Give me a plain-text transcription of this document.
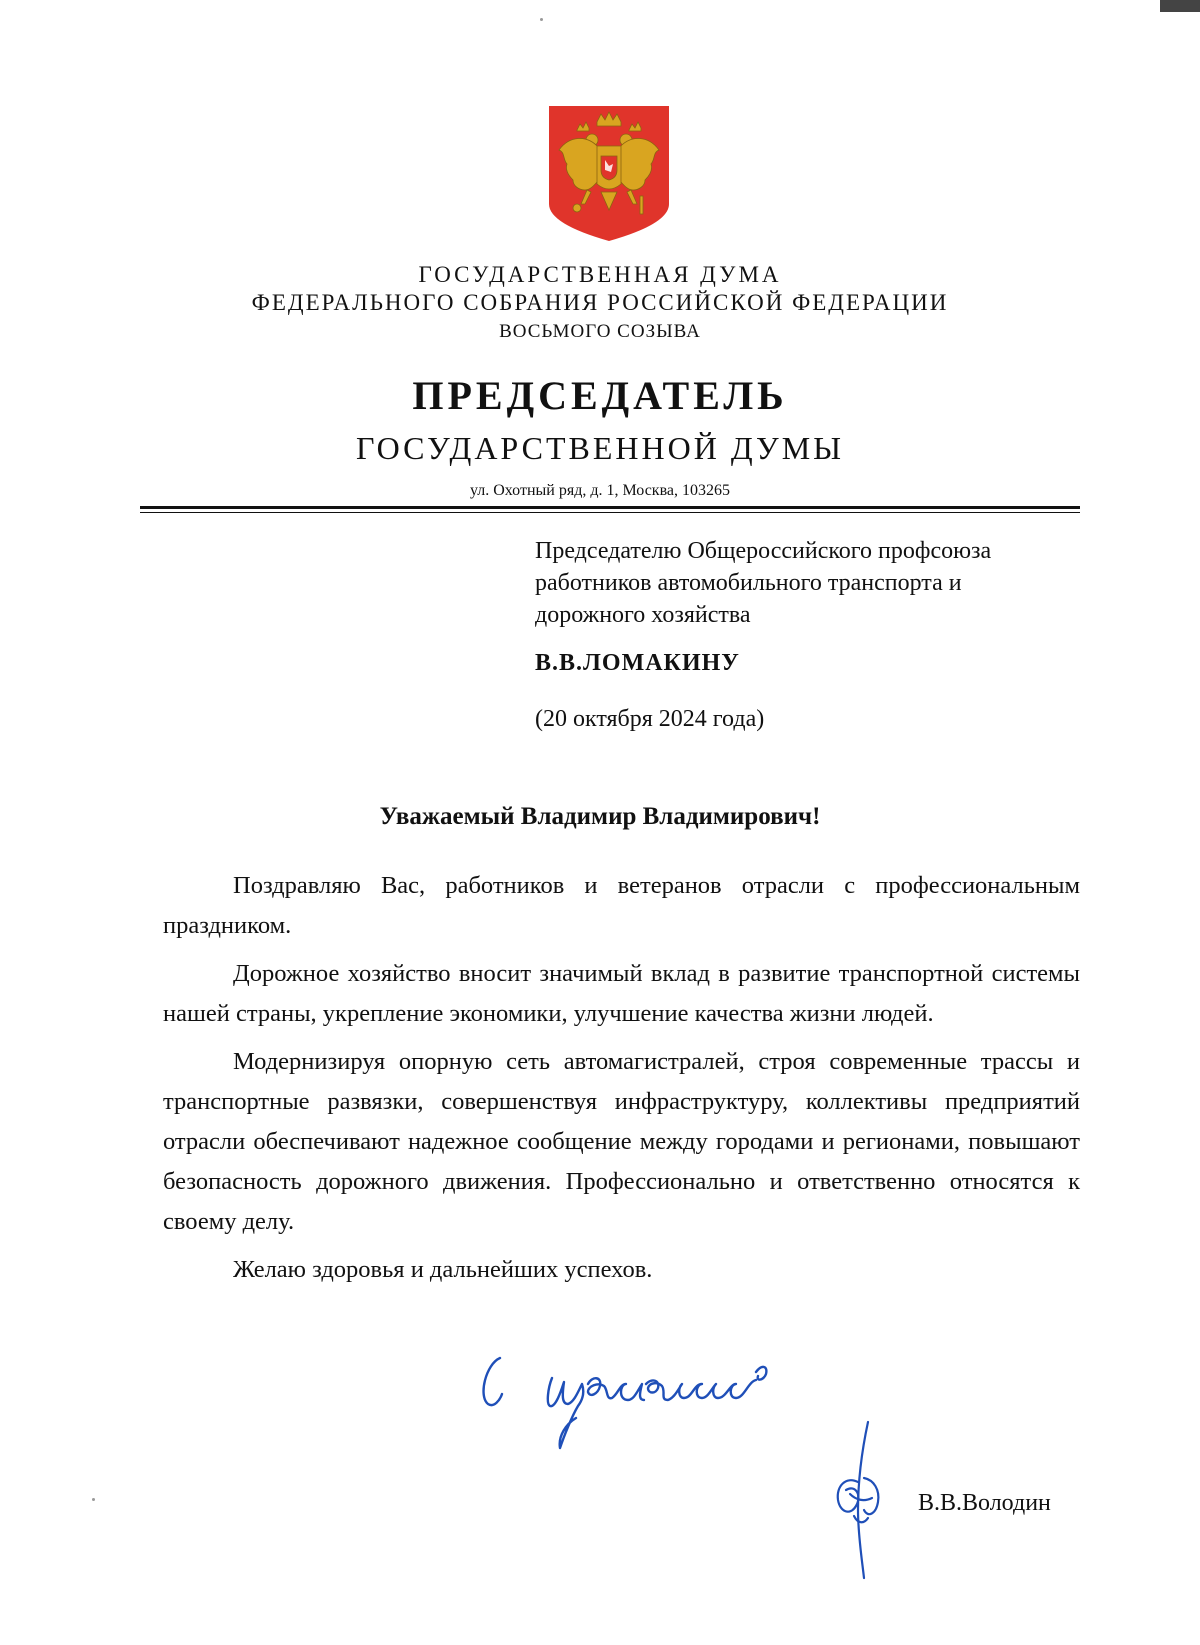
ГОСУДАРСТВЕННАЯ ДУМА
ФЕДЕРАЛЬНОГО СОБРАНИЯ РОССИЙСКОЙ ФЕДЕРАЦИИ
ВОСЬМОГО СОЗЫВА
ПРЕДСЕДАТЕЛЬ
ГОСУДАРСТВЕННОЙ ДУМЫ
ул. Охотный ряд, д. 1, Москва, 103265
Председателю Общероссийского профсоюза работников автомобильного транспорта и дорожного хозяйства
В.В.ЛОМАКИНУ
(20 октября 2024 года)
Уважаемый Владимир Владимирович!

Поздравляю Вас, работников и ветеранов отрасли с профессиональным праздником.

Дорожное хозяйство вносит значимый вклад в развитие транспортной системы нашей страны, укрепление экономики, улучшение качества жизни людей.

Модернизируя опорную сеть автомагистралей, строя современные трассы и транспортные развязки, совершенствуя инфраструктуру, коллективы предприятий отрасли обеспечивают надежное сообщение между городами и регионами, повышают безопасность дорожного движения. Профессионально и ответственно относятся к своему делу.

Желаю здоровья и дальнейших успехов.

В.В.Володин
